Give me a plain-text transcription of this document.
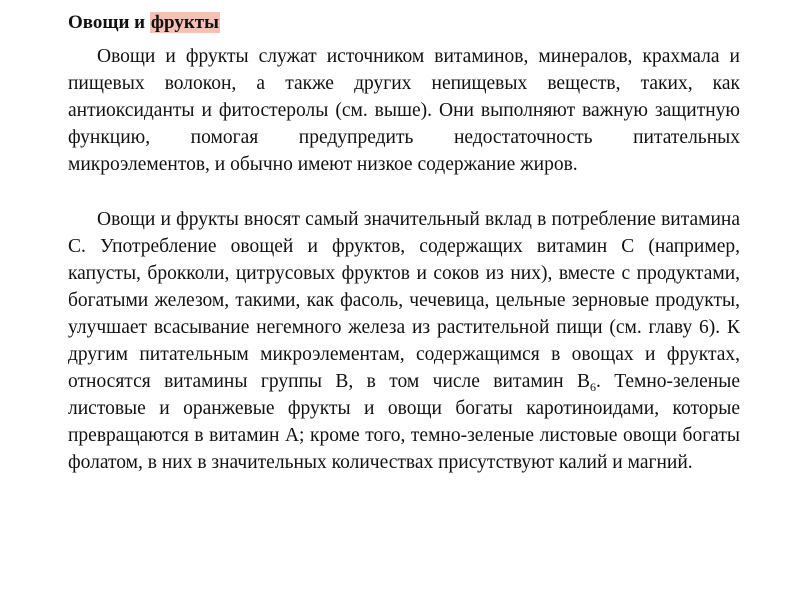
Овощи и фрукты

Овощи и фрукты служат источником витаминов, минералов, крахмала и пищевых волокон, а также других непищевых веществ, таких, как антиоксиданты и фитостеролы (см. выше). Они выполняют важную защитную функцию, помогая предупредить недостаточность питательных микроэлементов, и обычно имеют низкое содержание жиров.

Овощи и фрукты вносят самый значительный вклад в потребление витамина С. Употребление овощей и фруктов, содержащих витамин С (например, капусты, брокколи, цитрусовых фруктов и соков из них), вместе с продуктами, богатыми железом, такими, как фасоль, чечевица, цельные зерновые продукты, улучшает всасывание негемного железа из растительной пищи (см. главу 6). К другим питательным микроэлементам, содержащимся в овощах и фруктах, относятся витамины группы В, в том числе витамин $В_6$. Темно-зеленые листовые и оранжевые фрукты и овощи богаты каротиноидами, которые превращаются в витамин А; кроме того, темно-зеленые листовые овощи богаты фолатом, в них в значительных количествах присутствуют калий и магний.
